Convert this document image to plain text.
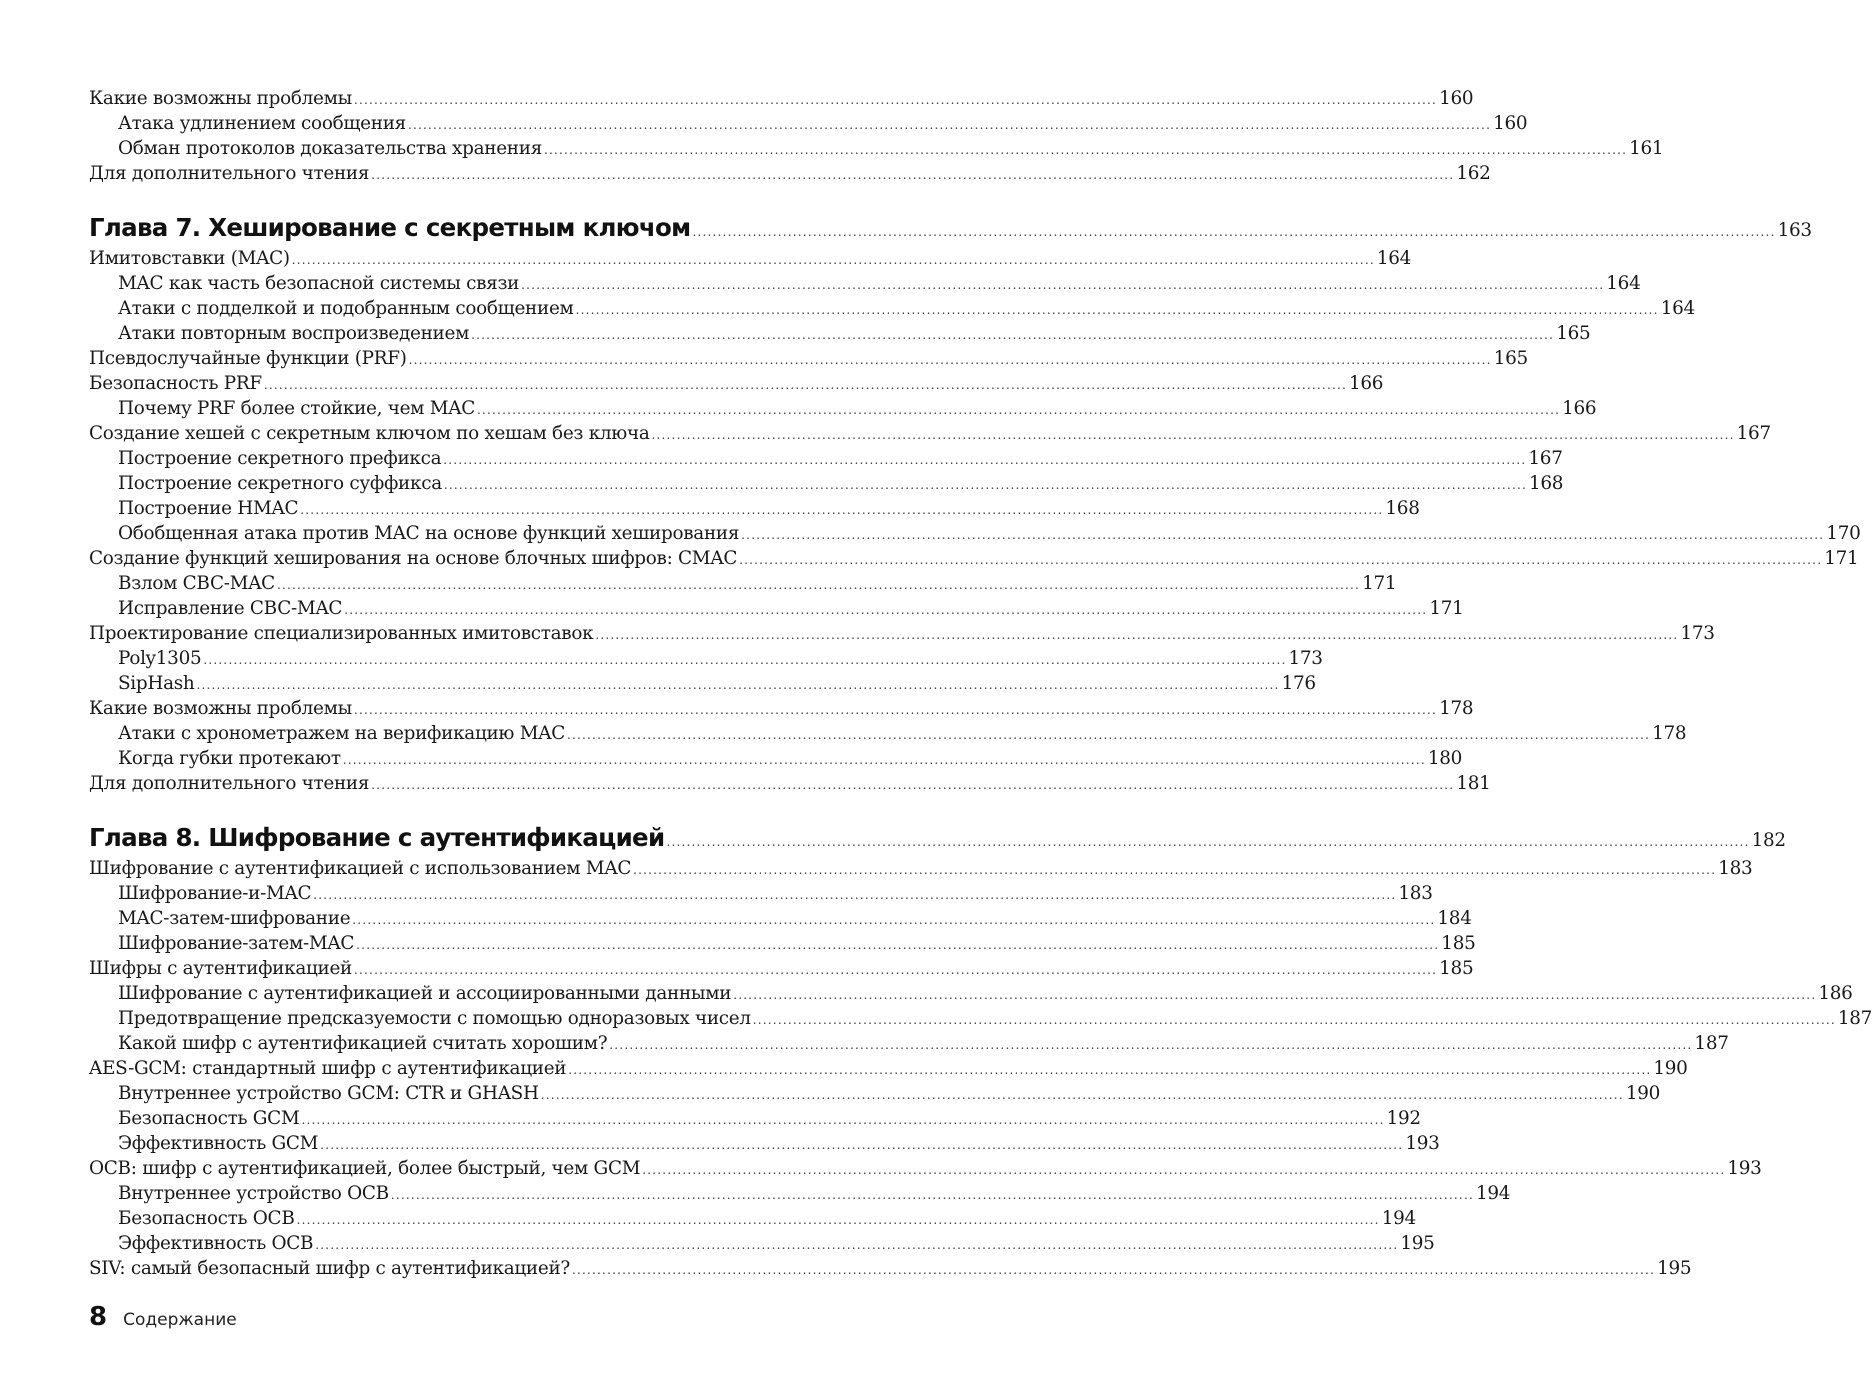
Какие возможны проблемы ........................................................................................................................................................................................................................ 160
Атака удлинением сообщения ........................................................................................................................................................................................................................ 160
Обман протоколов доказательства хранения ........................................................................................................................................................................................................................ 161
Для дополнительного чтения ........................................................................................................................................................................................................................ 162
Глава 7. Хеширование с секретным ключом ........................................................................................................................................................................................................................ 163
Имитовставки (MAC) ........................................................................................................................................................................................................................ 164
MAC как часть безопасной системы связи ........................................................................................................................................................................................................................ 164
Атаки с подделкой и подобранным сообщением ........................................................................................................................................................................................................................ 164
Атаки повторным воспроизведением ........................................................................................................................................................................................................................ 165
Псевдослучайные функции (PRF) ........................................................................................................................................................................................................................ 165
Безопасность PRF ........................................................................................................................................................................................................................ 166
Почему PRF более стойкие, чем MAC ........................................................................................................................................................................................................................ 166
Создание хешей с секретным ключом по хешам без ключа ........................................................................................................................................................................................................................ 167
Построение секретного префикса ........................................................................................................................................................................................................................ 167
Построение секретного суффикса ........................................................................................................................................................................................................................ 168
Построение HMAC ........................................................................................................................................................................................................................ 168
Обобщенная атака против MAC на основе функций хеширования ........................................................................................................................................................................................................................ 170
Создание функций хеширования на основе блочных шифров: CMAC ........................................................................................................................................................................................................................ 171
Взлом CBC-MAC ........................................................................................................................................................................................................................ 171
Исправление CBC-MAC ........................................................................................................................................................................................................................ 171
Проектирование специализированных имитовставок ........................................................................................................................................................................................................................ 173
Poly1305 ........................................................................................................................................................................................................................ 173
SipHash ........................................................................................................................................................................................................................ 176
Какие возможны проблемы ........................................................................................................................................................................................................................ 178
Атаки с хронометражем на верификацию MAC ........................................................................................................................................................................................................................ 178
Когда губки протекают ........................................................................................................................................................................................................................ 180
Для дополнительного чтения ........................................................................................................................................................................................................................ 181
Глава 8. Шифрование с аутентификацией ........................................................................................................................................................................................................................ 182
Шифрование с аутентификацией с использованием MAC ........................................................................................................................................................................................................................ 183
Шифрование-и-MAC ........................................................................................................................................................................................................................ 183
MAC-затем-шифрование ........................................................................................................................................................................................................................ 184
Шифрование-затем-MAC ........................................................................................................................................................................................................................ 185
Шифры с аутентификацией ........................................................................................................................................................................................................................ 185
Шифрование с аутентификацией и ассоциированными данными ........................................................................................................................................................................................................................ 186
Предотвращение предсказуемости с помощью одноразовых чисел ........................................................................................................................................................................................................................ 187
Какой шифр с аутентификацией считать хорошим? ........................................................................................................................................................................................................................ 187
AES-GCM: стандартный шифр с аутентификацией ........................................................................................................................................................................................................................ 190
Внутреннее устройство GCM: CTR и GHASH ........................................................................................................................................................................................................................ 190
Безопасность GCM ........................................................................................................................................................................................................................ 192
Эффективность GCM ........................................................................................................................................................................................................................ 193
OCB: шифр с аутентификацией, более быстрый, чем GCM ........................................................................................................................................................................................................................ 193
Внутреннее устройство OCB ........................................................................................................................................................................................................................ 194
Безопасность OCB ........................................................................................................................................................................................................................ 194
Эффективность OCB ........................................................................................................................................................................................................................ 195
SIV: самый безопасный шифр с аутентификацией? ........................................................................................................................................................................................................................ 195
8 Содержание
